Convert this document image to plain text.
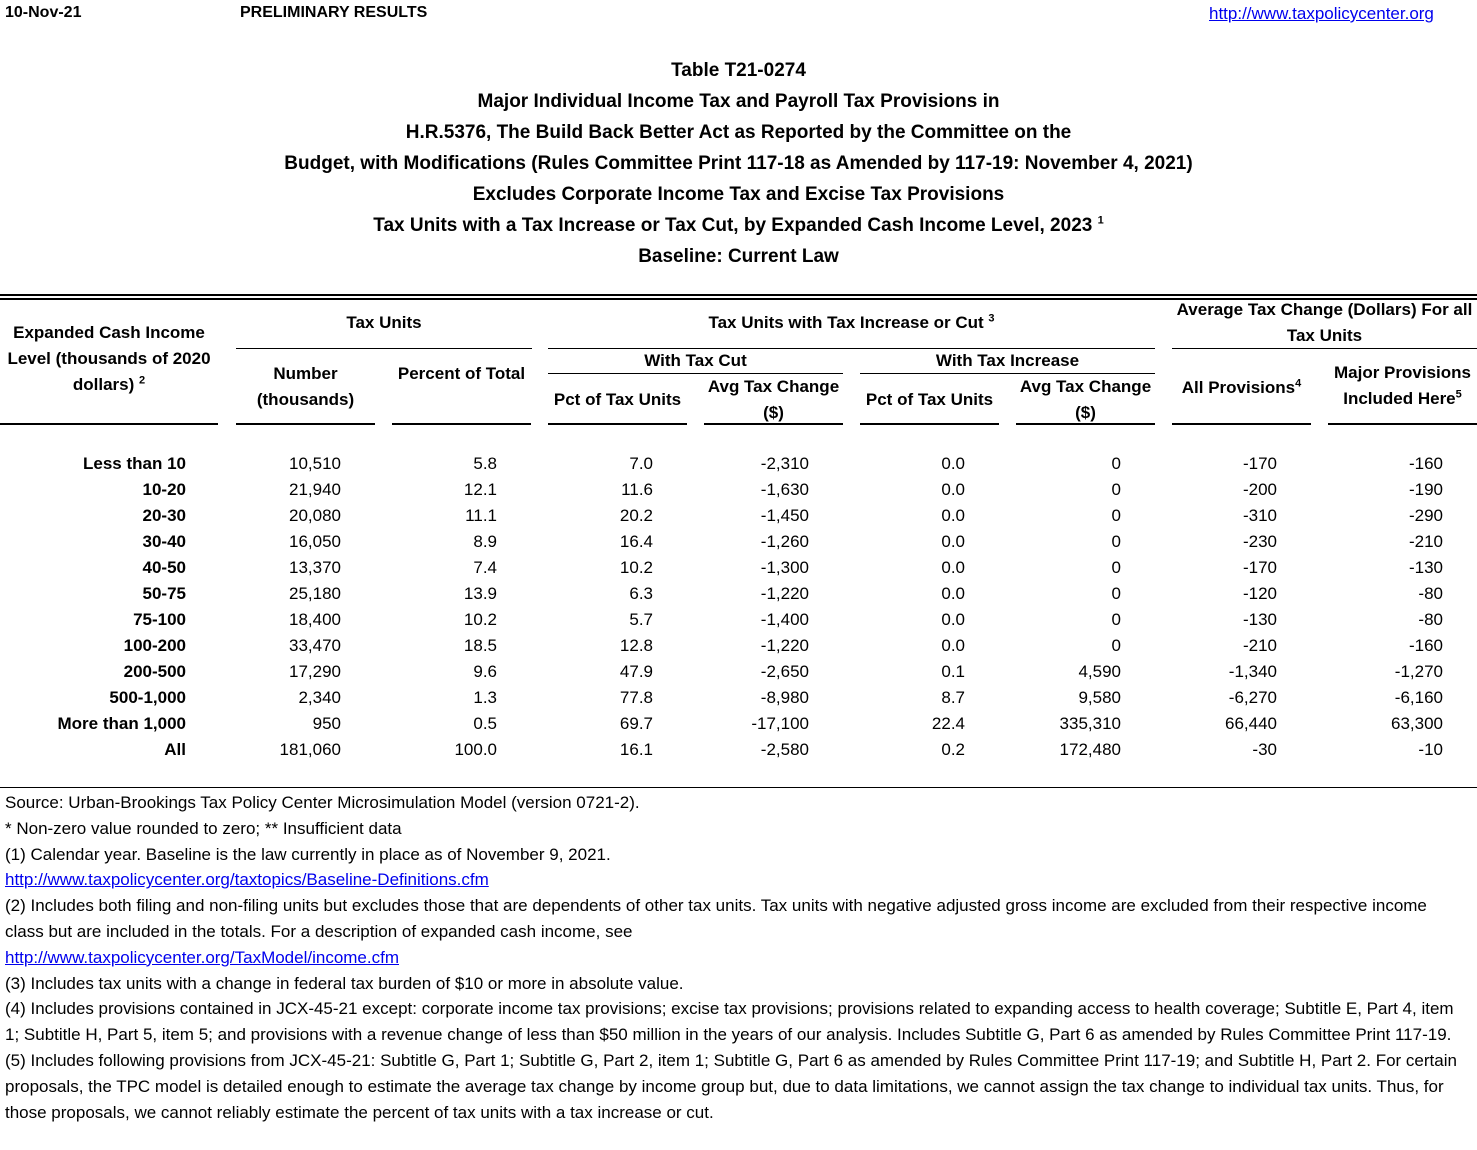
10-Nov-21	PRELIMINARY RESULTS	http://www.taxpolicycenter.org
Table T21-0274
Major Individual Income Tax and Payroll Tax Provisions in
H.R.5376, The Build Back Better Act as Reported by the Committee on the
Budget, with Modifications (Rules Committee Print 117-18 as Amended by 117-19: November 4, 2021)
Excludes Corporate Income Tax and Excise Tax Provisions
Tax Units with a Tax Increase or Tax Cut, by Expanded Cash Income Level, 2023 $^1$
Baseline: Current Law
Expanded Cash Income Level (thousands of 2020 dollars) $^2$
Tax Units
Number (thousands)
Percent of Total
Tax Units with Tax Increase or Cut $^3$
With Tax Cut	With Tax Increase
Pct of Tax Units
Avg Tax Change ($)
Pct of Tax Units
Avg Tax Change ($)
Average Tax Change (Dollars) For all Tax Units
All Provisions$^4$
Major Provisions Included Here$^5$
Less than 10	10,510	5.8	7.0	-2,310	0.0	0	-170	-160
10-20	21,940	12.1	11.6	-1,630	0.0	0	-200	-190
20-30	20,080	11.1	20.2	-1,450	0.0	0	-310	-290
30-40	16,050	8.9	16.4	-1,260	0.0	0	-230	-210
40-50	13,370	7.4	10.2	-1,300	0.0	0	-170	-130
50-75	25,180	13.9	6.3	-1,220	0.0	0	-120	-80
75-100	18,400	10.2	5.7	-1,400	0.0	0	-130	-80
100-200	33,470	18.5	12.8	-1,220	0.0	0	-210	-160
200-500	17,290	9.6	47.9	-2,650	0.1	4,590	-1,340	-1,270
500-1,000	2,340	1.3	77.8	-8,980	8.7	9,580	-6,270	-6,160
More than 1,000	950	0.5	69.7	-17,100	22.4	335,310	66,440	63,300
All	181,060	100.0	16.1	-2,580	0.2	172,480	-30	-10
Source: Urban-Brookings Tax Policy Center Microsimulation Model (version 0721-2).
* Non-zero value rounded to zero; ** Insufficient data
(1) Calendar year. Baseline is the law currently in place as of November 9, 2021.
http://www.taxpolicycenter.org/taxtopics/Baseline-Definitions.cfm
(2) Includes both filing and non-filing units but excludes those that are dependents of other tax units. Tax units with negative adjusted gross income are excluded from their respective income class but are included in the totals. For a description of expanded cash income, see
http://www.taxpolicycenter.org/TaxModel/income.cfm
(3) Includes tax units with a change in federal tax burden of $10 or more in absolute value.
(4) Includes provisions contained in JCX-45-21 except: corporate income tax provisions; excise tax provisions; provisions related to expanding access to health coverage; Subtitle E, Part 4, item 1; Subtitle H, Part 5, item 5; and provisions with a revenue change of less than $50 million in the years of our analysis. Includes Subtitle G, Part 6 as amended by Rules Committee Print 117-19.
(5) Includes following provisions from JCX-45-21: Subtitle G, Part 1; Subtitle G, Part 2, item 1; Subtitle G, Part 6 as amended by Rules Committee Print 117-19; and Subtitle H, Part 2. For certain proposals, the TPC model is detailed enough to estimate the average tax change by income group but, due to data limitations, we cannot assign the tax change to individual tax units. Thus, for those proposals, we cannot reliably estimate the percent of tax units with a tax increase or cut.
